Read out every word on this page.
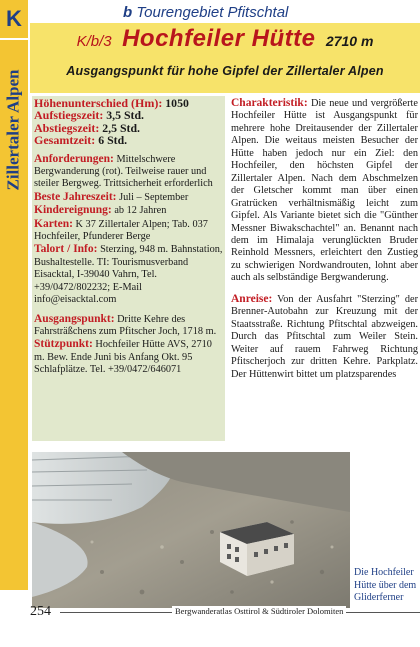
K
Zillertaler Alpen
b Tourengebiet Pfitschtal
K/b/3 Hochfeiler Hütte 2710 m
Ausgangspunkt für hohe Gipfel der Zillertaler Alpen
Höhenunterschied (Hm): 1050
Aufstiegszeit: 3,5 Std.
Abstiegszeit: 2,5 Std.
Gesamtzeit: 6 Std.
Anforderungen: Mittelschwere Bergwanderung (rot). Teilweise rauer und steiler Bergweg. Trittsicherheit erforderlich
Beste Jahreszeit: Juli – September
Kindereignung: ab 12 Jahren
Karten: K 37 Zillertaler Alpen; Tab. 037 Hochfeiler, Pfunderer Berge
Talort / Info: Sterzing, 948 m. Bahnstation, Bushaltestelle. TI: Tourismusverband Eisacktal, I-39040 Vahrn, Tel. +39/0472/802232; E-Mail info@eisacktal.com
Ausgangspunkt: Dritte Kehre des Fahrsträßchens zum Pfitscher Joch, 1718 m.
Stützpunkt: Hochfeiler Hütte AVS, 2710 m. Bew. Ende Juni bis Anfang Okt. 95 Schlafplätze. Tel. +39/0472/646071

Charakteristik: Die neue und vergrößerte Hochfeiler Hütte ist Ausgangspunkt für mehrere hohe Dreitausender der Zillertaler Alpen. Die weitaus meisten Besucher der Hütte haben jedoch nur ein Ziel: den Hochfeiler, den höchsten Gipfel der Zillertaler Alpen. Nach dem Abschmelzen der Gletscher kommt man über einen Gratrücken verhältnismäßig leicht zum Gipfel. Als Variante bietet sich die "Günther Messner Biwakschachtel" an. Benannt nach dem im Himalaja verunglückten Bruder Reinhold Messners, erleichtert den Zustieg zu schwierigen Nordwandrouten, lohnt aber auch als selbständige Bergwanderung.

Anreise: Von der Ausfahrt "Sterzing" der Brenner-Autobahn zur Kreuzung mit der Staatsstraße. Richtung Pfitschtal abzweigen. Durch das Pfitschtal zum Weiler Stein. Weiter auf rauem Fahrweg Richtung Pfitscherjoch zur dritten Kehre. Parkplatz. Der Hüttenwirt bittet um platzsparendes

Die Hochfeiler Hütte über dem Gliderferner
254	Bergwanderatlas Osttirol & Südtiroler Dolomiten
